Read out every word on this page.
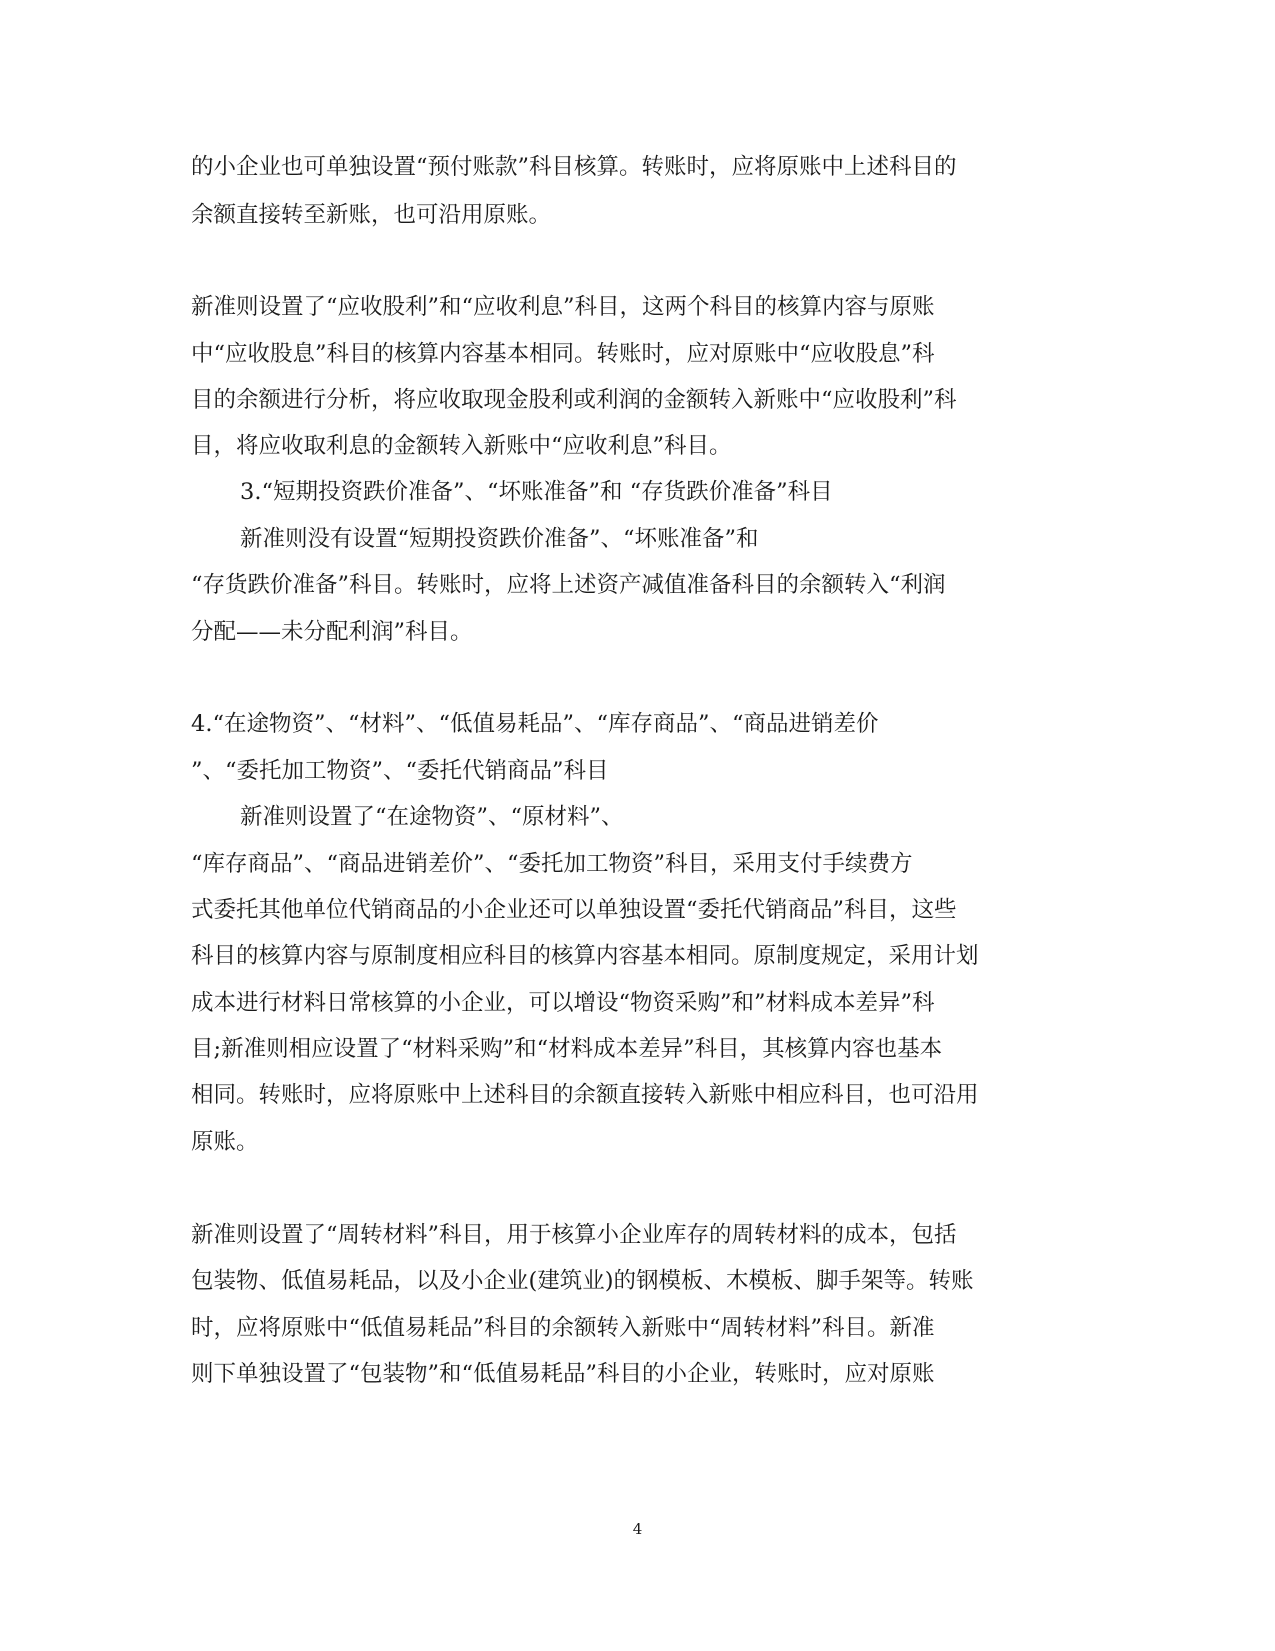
的小企业也可单独设置“预付账款”科目核算。转账时，应将原账中上述科目的
余额直接转至新账，也可沿用原账。
新准则设置了“应收股利”和“应收利息”科目，这两个科目的核算内容与原账
中“应收股息”科目的核算内容基本相同。转账时，应对原账中“应收股息”科
目的余额进行分析，将应收取现金股利或利润的金额转入新账中“应收股利”科
目，将应收取利息的金额转入新账中“应收利息”科目。
3.“短期投资跌价准备”、“坏账准备”和 “存货跌价准备”科目
新准则没有设置“短期投资跌价准备”、“坏账准备”和
“存货跌价准备”科目。转账时，应将上述资产减值准备科目的余额转入“利润
分配——未分配利润”科目。
4.“在途物资”、“材料”、“低值易耗品”、“库存商品”、“商品进销差价
”、“委托加工物资”、“委托代销商品”科目
新准则设置了“在途物资”、“原材料”、
“库存商品”、“商品进销差价”、“委托加工物资”科目，采用支付手续费方
式委托其他单位代销商品的小企业还可以单独设置“委托代销商品”科目，这些
科目的核算内容与原制度相应科目的核算内容基本相同。原制度规定，采用计划
成本进行材料日常核算的小企业，可以增设“物资采购”和”材料成本差异”科
目;新准则相应设置了“材料采购”和“材料成本差异”科目，其核算内容也基本
相同。转账时，应将原账中上述科目的余额直接转入新账中相应科目，也可沿用
原账。
新准则设置了“周转材料”科目，用于核算小企业库存的周转材料的成本，包括
包装物、低值易耗品，以及小企业(建筑业)的钢模板、木模板、脚手架等。转账
时，应将原账中“低值易耗品”科目的余额转入新账中“周转材料”科目。新准
则下单独设置了“包装物”和“低值易耗品”科目的小企业，转账时，应对原账
4
